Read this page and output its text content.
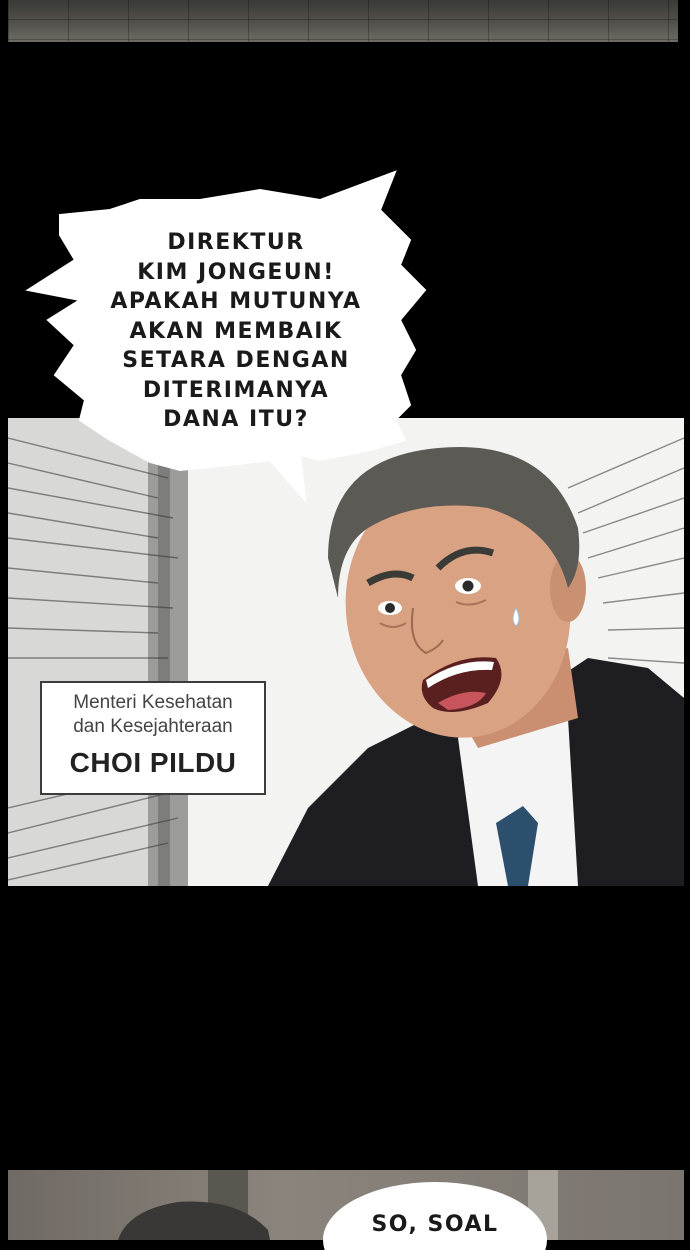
DIREKTUR
KIM JONGEUN!
APAKAH MUTUNYA
AKAN MEMBAIK
SETARA DENGAN
DITERIMANYA
DANA ITU?
Menteri Kesehatan
dan Kesejahteraan
CHOI PILDU
SO, SOAL
